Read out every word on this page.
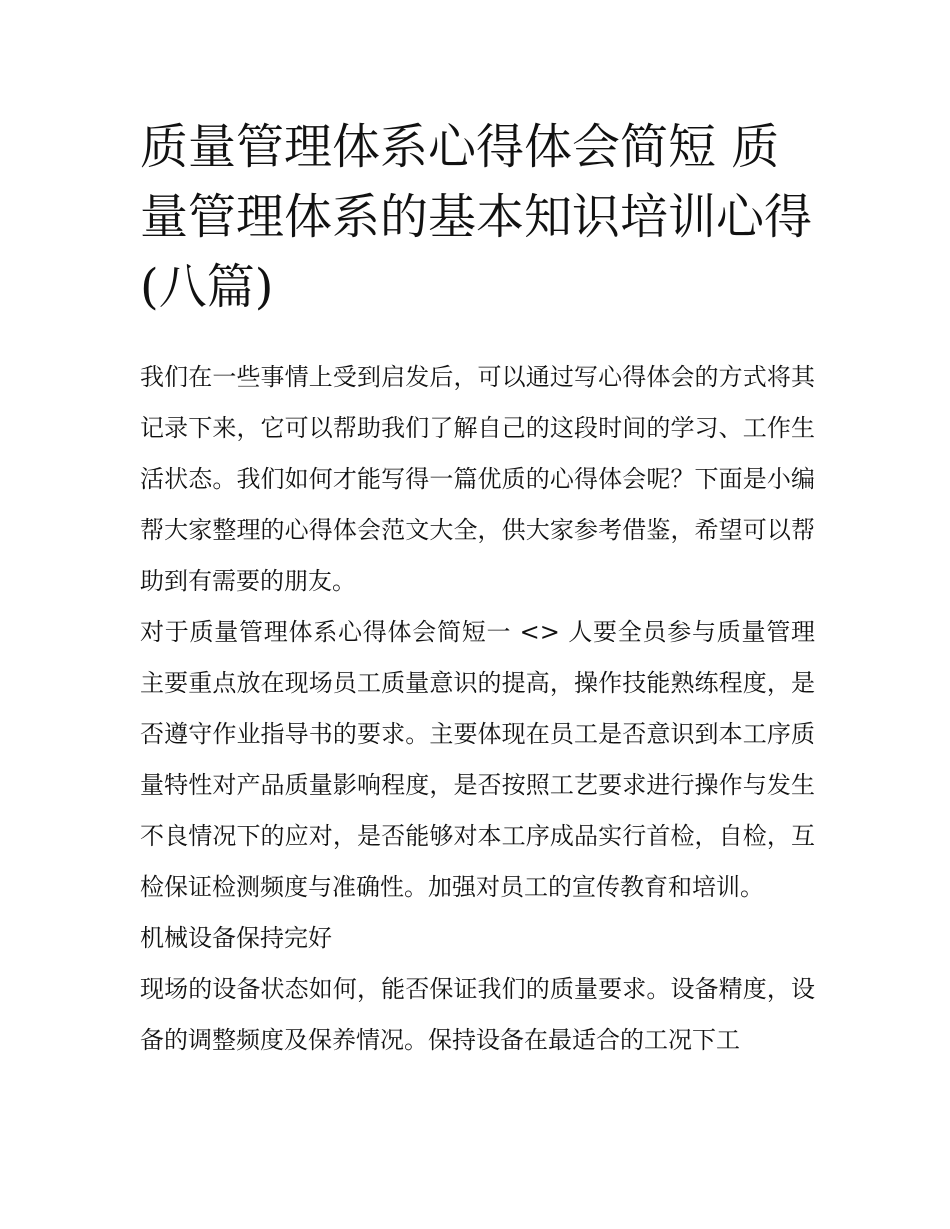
质量管理体系心得体会简短 质量管理体系的基本知识培训心得(八篇)

我们在一些事情上受到启发后，可以通过写心得体会的方式将其记录下来，它可以帮助我们了解自己的这段时间的学习、工作生活状态。我们如何才能写得一篇优质的心得体会呢？下面是小编帮大家整理的心得体会范文大全，供大家参考借鉴，希望可以帮助到有需要的朋友。

对于质量管理体系心得体会简短一 <> 人要全员参与质量管理主要重点放在现场员工质量意识的提高，操作技能熟练程度，是否遵守作业指导书的要求。主要体现在员工是否意识到本工序质量特性对产品质量影响程度，是否按照工艺要求进行操作与发生不良情况下的应对，是否能够对本工序成品实行首检，自检，互检保证检测频度与准确性。加强对员工的宣传教育和培训。

机械设备保持完好

现场的设备状态如何，能否保证我们的质量要求。设备精度，设备的调整频度及保养情况。保持设备在最适合的工况下工
